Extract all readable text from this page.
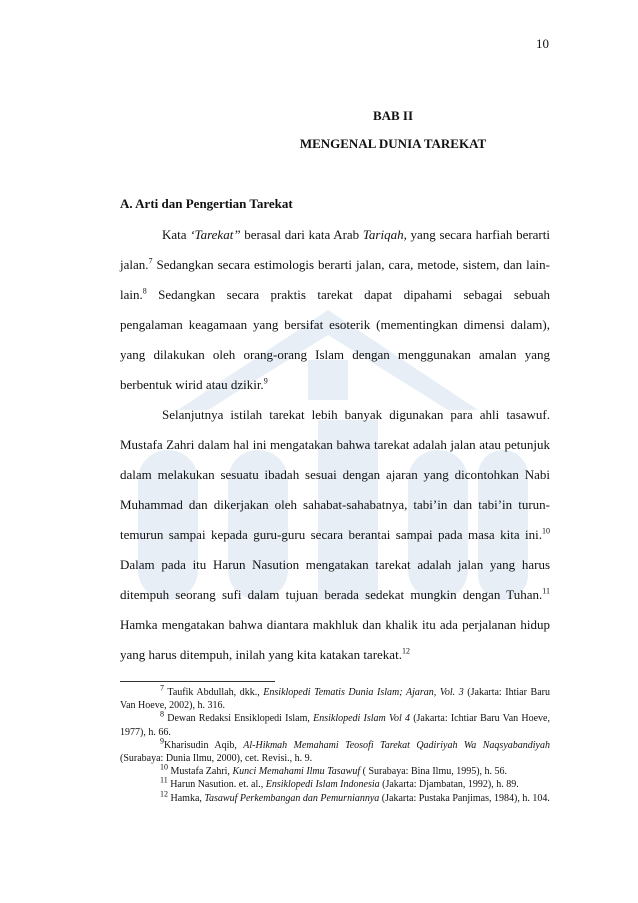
10
BAB II
MENGENAL DUNIA TAREKAT
A. Arti dan Pengertian Tarekat

Kata ‘Tarekat” berasal dari kata Arab Tariqah, yang secara harfiah berarti jalan.$^7$ Sedangkan secara estimologis berarti jalan, cara, metode, sistem, dan lain-lain.$^8$ Sedangkan secara praktis tarekat dapat dipahami sebagai sebuah pengalaman keagamaan yang bersifat esoterik (mementingkan dimensi dalam), yang dilakukan oleh orang-orang Islam dengan menggunakan amalan yang berbentuk wirid atau dzikir.$^9$

Selanjutnya istilah tarekat lebih banyak digunakan para ahli tasawuf. Mustafa Zahri dalam hal ini mengatakan bahwa tarekat adalah jalan atau petunjuk dalam melakukan sesuatu ibadah sesuai dengan ajaran yang dicontohkan Nabi Muhammad dan dikerjakan oleh sahabat-sahabatnya, tabi’in dan tabi’in turun-temurun sampai kepada guru-guru secara berantai sampai pada masa kita ini.$^{10}$ Dalam pada itu Harun Nasution mengatakan tarekat adalah jalan yang harus ditempuh seorang sufi dalam tujuan berada sedekat mungkin dengan Tuhan.$^{11}$ Hamka mengatakan bahwa diantara makhluk dan khalik itu ada perjalanan hidup yang harus ditempuh, inilah yang kita katakan tarekat.$^{12}$

$^7$ Taufik Abdullah, dkk., Ensiklopedi Tematis Dunia Islam; Ajaran, Vol. 3 (Jakarta: Ihtiar Baru Van Hoeve, 2002), h. 316.

$^8$ Dewan Redaksi Ensiklopedi Islam, Ensiklopedi Islam Vol 4 (Jakarta: Ichtiar Baru Van Hoeve, 1977), h. 66.

$^9$Kharisudin Aqib, Al-Hikmah Memahami Teosofi Tarekat Qadiriyah Wa Naqsyabandiyah (Surabaya: Dunia Ilmu, 2000), cet. Revisi., h. 9.

$^{10}$ Mustafa Zahri, Kunci Memahami Ilmu Tasawuf ( Surabaya: Bina Ilmu, 1995), h. 56.

$^{11}$ Harun Nasution. et. al., Ensiklopedi Islam Indonesia (Jakarta: Djambatan, 1992), h. 89.

$^{12}$ Hamka, Tasawuf Perkembangan dan Pemurniannya (Jakarta: Pustaka Panjimas, 1984), h. 104.
